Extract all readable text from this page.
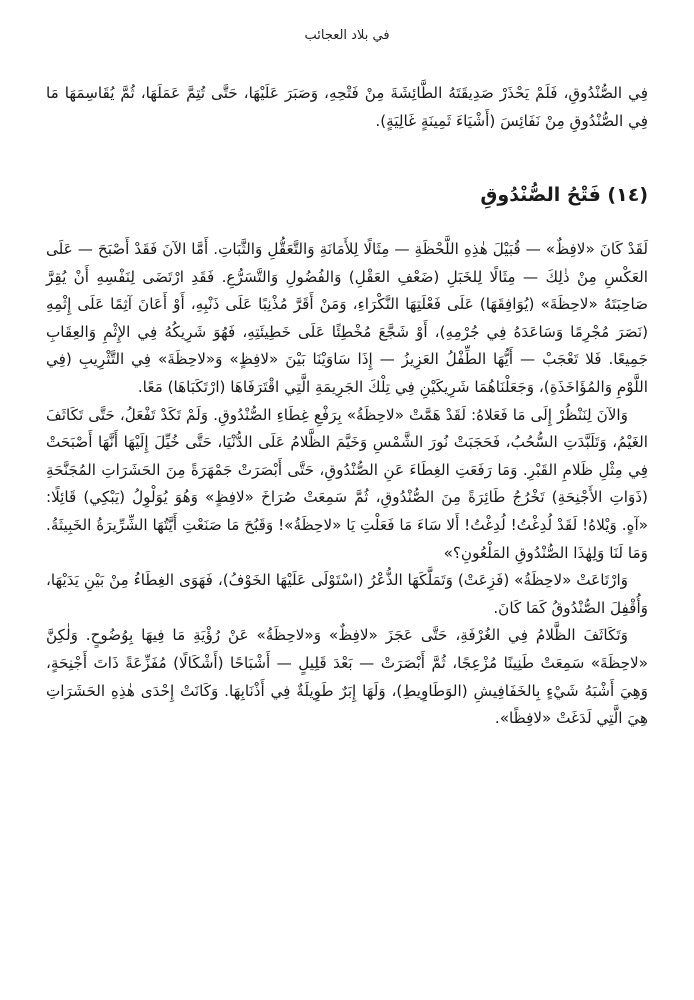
في بلاد العجائب
فِي الصُّنْدُوقِ، فَلَمْ يَحْذَرْ صَدِيقَتَهُ الطَّائِشَةَ مِنْ فَتْحِهِ، وَصَبَرَ عَلَيْهَا، حَتَّى تُتِمَّ عَمَلَهَا، ثُمَّ يُقَاسِمَهَا مَا فِي الصُّنْدُوقِ مِنْ نَفَائِسَ (أَشْيَاءَ ثَمِينَةٍ غَالِيَةٍ).
(١٤) فَتْحُ الصُّنْدُوقِ

لَقَدْ كَانَ «لافِظٌ» — قُبَيْلَ هٰذِهِ اللَّحْظَةِ — مِثَالًا لِلأَمَانَةِ وَالتَّعَقُّلِ وَالثَّبَاتِ. أَمَّا الآنَ فَقَدْ أَصْبَحَ — عَلَى العَكْسِ مِنْ ذٰلِكَ — مِثَالًا لِلخَبَلِ (ضَعْفِ العَقْلِ) وَالفُضُولِ وَالتَّسَرُّعِ. فَقَدِ ارْتَضَى لِنَفْسِهِ أَنْ يُقِرَّ صَاحِبَتَهُ «لاحِظَةَ» (يُوَافِقَهَا) عَلَى فَعْلَتِهَا النَّكْرَاءِ، وَمَنْ أَقَرَّ مُذْنِبًا عَلَى ذَنْبِهِ، أَوْ أَعَانَ آثِمًا عَلَى إِثْمِهِ (نَصَرَ مُجْرِمًا وَسَاعَدَهُ فِي جُرْمِهِ)، أَوْ شَجَّعَ مُخْطِئًا عَلَى خَطِيئَتِهِ، فَهُوَ شَرِيكُهُ فِي الإِثْمِ وَالعِقَابِ جَمِيعًا. فَلا تَعْجَبْ — أَيُّهَا الطِّفْلُ العَزِيزُ — إِذَا سَاوَيْنَا بَيْنَ «لافِظٍ» وَ«لاحِظَةَ» فِي التَّثْرِيبِ (فِي اللَّوْمِ وَالمُؤَاخَذَةِ)، وَجَعَلْنَاهُمَا شَرِيكَيْنِ فِي تِلْكَ الجَرِيمَةِ الَّتِي اقْتَرَفَاهَا (ارْتَكَبَاهَا) مَعًا.

وَالآنَ لِنَنْظُرْ إِلَى مَا فَعَلاهُ: لَقَدْ هَمَّتْ «لاحِظَةُ» بِرَفْعِ غِطَاءِ الصُّنْدُوقِ. وَلَمْ تَكَدْ تَفْعَلُ، حَتَّى تَكَاثَفَ الغَيْمُ، وَتَلَبَّدَتِ السُّحُبُ، فَحَجَبَتْ نُورَ الشَّمْسِ وَخَيَّمَ الظَّلامُ عَلَى الدُّنْيَا، حَتَّى خُيِّلَ إِلَيْهَا أَنَّهَا أَصْبَحَتْ فِي مِثْلِ ظَلامِ القَبْرِ. وَمَا رَفَعَتِ الغِطَاءَ عَنِ الصُّنْدُوقِ، حَتَّى أَبْصَرَتْ جَمْهَرَةً مِنَ الحَشَرَاتِ المُجَنَّحَةِ (ذَوَاتِ الأَجْنِحَةِ) تَخْرُجُ طَائِرَةً مِنَ الصُّنْدُوقِ، ثُمَّ سَمِعَتْ صُرَاخَ «لافِظٍ» وَهُوَ يُوَلْوِلُ (يَبْكِي) قَائِلًا: «آهٍ. وَيْلاهُ! لَقَدْ لُدِغْتُ! لُدِغْتُ! أَلا سَاءَ مَا فَعَلْتِ يَا «لاحِظَةُ»! وَقَبُحَ مَا صَنَعْتِ أَيَّتُهَا الشِّرِّيرَةُ الخَبِيثَةُ. وَمَا لَنَا وَلِهٰذَا الصُّنْدُوقِ المَلْعُونِ؟»

وَارْتَاعَتْ «لاحِظَةُ» (فَزِعَتْ) وَتَمَلَّكَهَا الذُّعْرُ (اسْتَوْلَى عَلَيْهَا الخَوْفُ)، فَهَوَى الغِطَاءُ مِنْ بَيْنِ يَدَيْهَا، وَأُقْفِلَ الصُّنْدُوقُ كَمَا كَانَ.

وَتَكَاثَفَ الظَّلامُ فِي الغُرْفَةِ، حَتَّى عَجَزَ «لافِظٌ» وَ«لاحِظَةُ» عَنْ رُؤْيَةِ مَا فِيهَا بِوُضُوحٍ. وَلٰكِنَّ «لاحِظَةَ» سَمِعَتْ طَنِينًا مُزْعِجًا، ثُمَّ أَبْصَرَتْ — بَعْدَ قَلِيلٍ — أَشْبَاحًا (أَشْكَالًا) مُفَزِّعَةً ذَاتَ أَجْنِحَةٍ، وَهِيَ أَشْبَهُ شَيْءٍ بِالخَفَافِيشِ (الوَطَاوِيطِ)، وَلَهَا إِبَرٌ طَوِيلَةٌ فِي أَذْنَابِهَا. وَكَانَتْ إِحْدَى هٰذِهِ الحَشَرَاتِ هِيَ الَّتِي لَدَغَتْ «لافِظًا».
